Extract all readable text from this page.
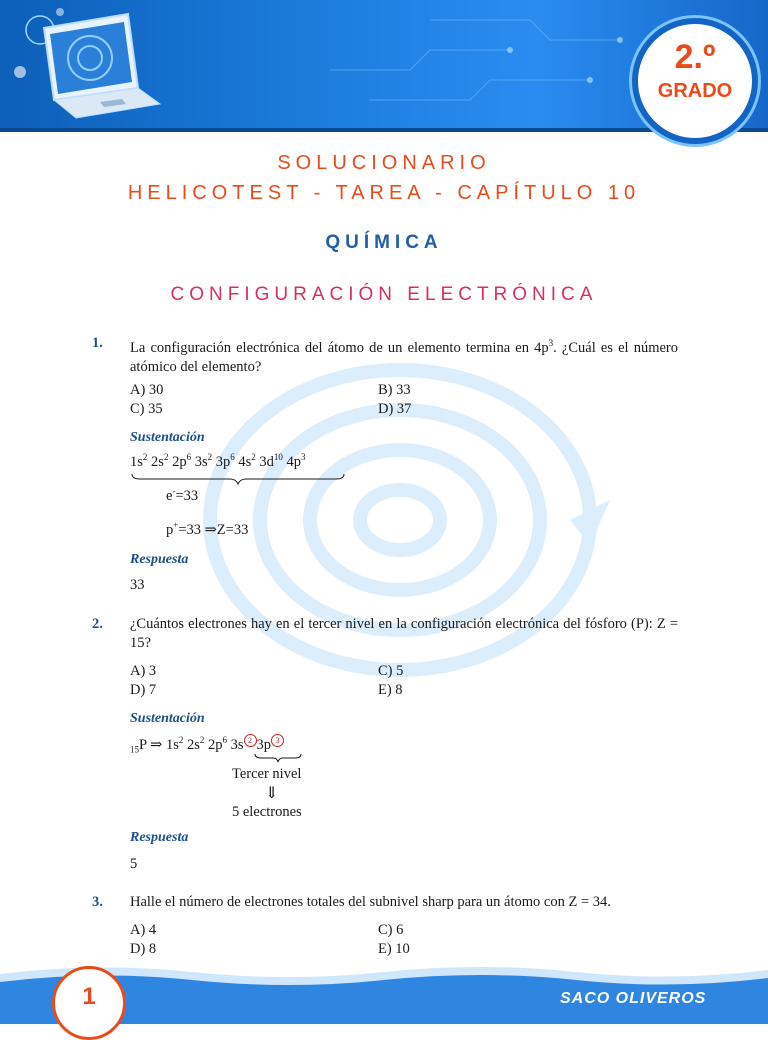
2.º
GRADO
SOLUCIONARIO
HELICOTEST - TAREA - CAPÍTULO 10
QUÍMICA
CONFIGURACIÓN ELECTRÓNICA
1. La configuración electrónica del átomo de un elemento termina en $4p^3$. ¿Cuál es el número atómico del elemento?
A) 30	B) 33
C) 35	D) 37
Sustentación
$1s^2$ $2s^2$ $2p^6$ $3s^2$ $3p^6$ $4s^2$ $3d^{10}$ $4p^3$
e-=33
p+=33 ⇒Z=33
Respuesta
33
2. ¿Cuántos electrones hay en el tercer nivel en la configuración electrónica del fósforo (P): Z = 15?
A) 3	C) 5
D) 7	E) 8
Sustentación
$_{15}$P ⇒ $1s^2$ $2s^2$ $2p^6$ 3s 2 3p 3
Tercer nivel
⇓
5 electrones
Respuesta
5
3. Halle el número de electrones totales del subnivel sharp para un átomo con Z = 34.
A) 4	C) 6
D) 8	E) 10
1	SACO OLIVEROS
